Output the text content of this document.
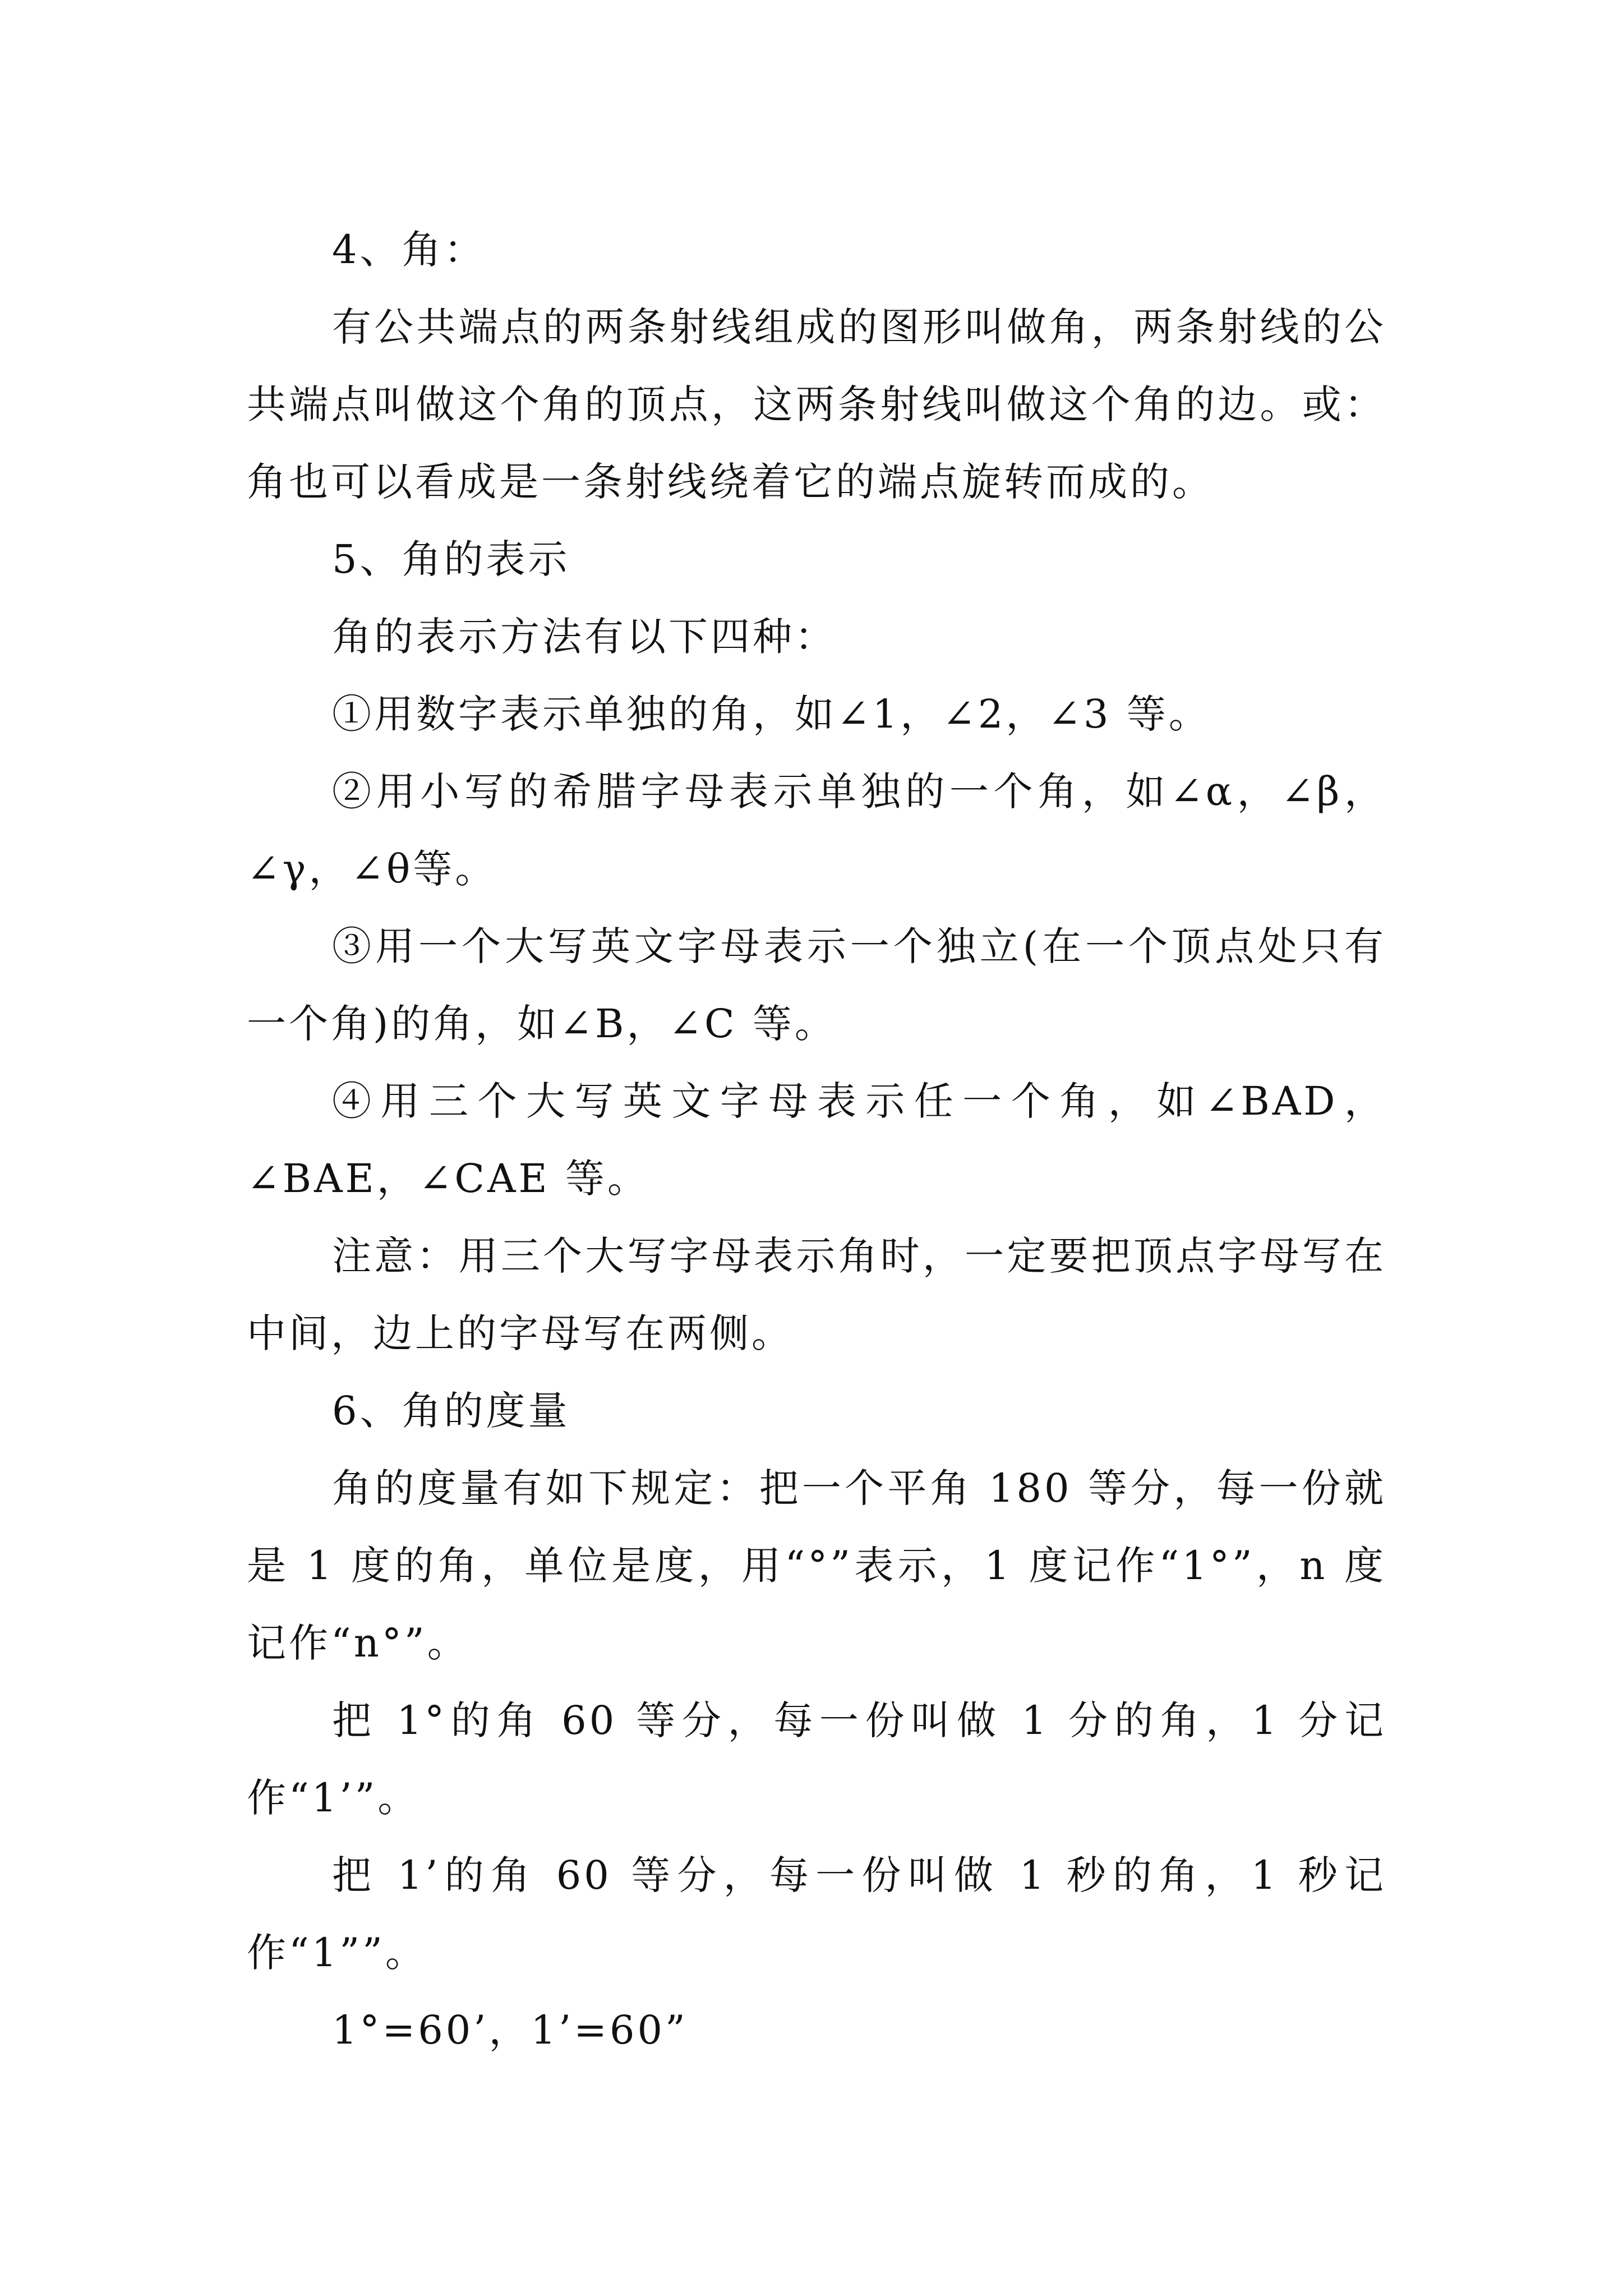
4、角：

有公共端点的两条射线组成的图形叫做角，两条射线的公共端点叫做这个角的顶点，这两条射线叫做这个角的边。或：角也可以看成是一条射线绕着它的端点旋转而成的。

5、角的表示

角的表示方法有以下四种：

①用数字表示单独的角，如∠1，∠2，∠3 等。

②用小写的希腊字母表示单独的一个角，如∠α，∠β，∠γ，∠θ等。

③用一个大写英文字母表示一个独立(在一个顶点处只有一个角)的角，如∠B，∠C 等。

④用三个大写英文字母表示任一个角，如∠BAD，∠BAE，∠CAE 等。

注意：用三个大写字母表示角时，一定要把顶点字母写在中间，边上的字母写在两侧。

6、角的度量

角的度量有如下规定：把一个平角 180 等分，每一份就是 1 度的角，单位是度，用“°”表示，1 度记作“1°”，n 度记作“n°”。

把 1°的角 60 等分，每一份叫做 1 分的角，1 分记作“1’”。

把 1’的角 60 等分，每一份叫做 1 秒的角，1 秒记作“1””。

1°=60’，1’=60”
